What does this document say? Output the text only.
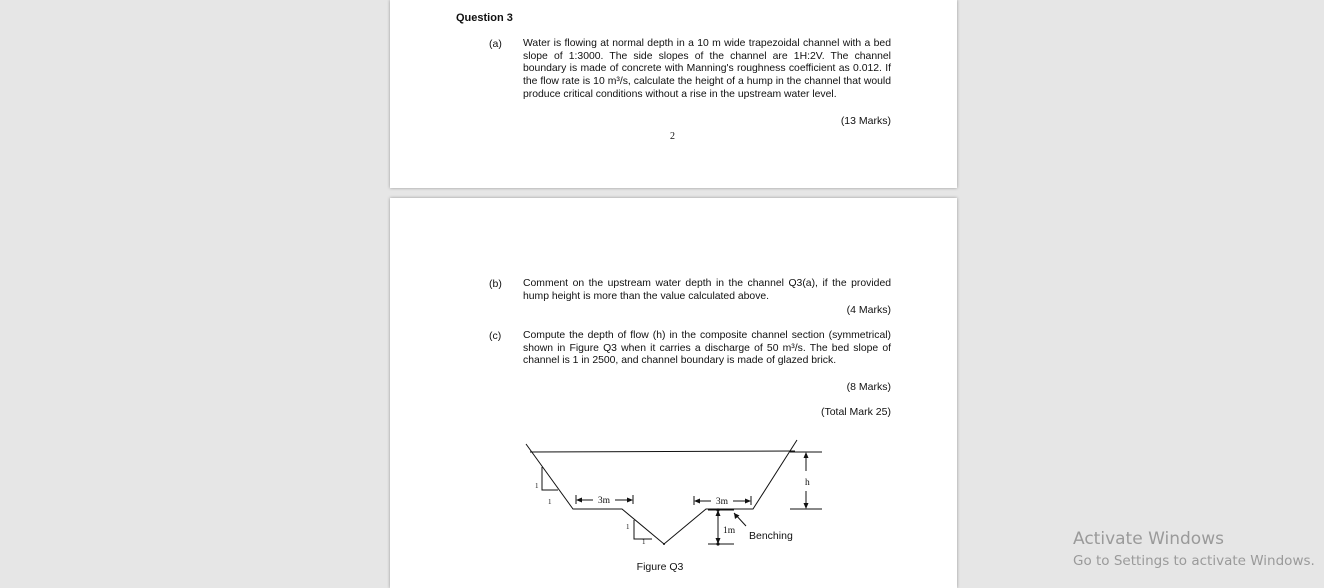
Question 3
(a) Water is flowing at normal depth in a 10 m wide trapezoidal channel with a bed slope of 1:3000. The side slopes of the channel are 1H:2V. The channel boundary is made of concrete with Manning's roughness coefficient as 0.012. If the flow rate is 10 m³/s, calculate the height of a hump in the channel that would produce critical conditions without a rise in the upstream water level.
(13 Marks)
2
(b) Comment on the upstream water depth in the channel Q3(a), if the provided hump height is more than the value calculated above.
(4 Marks)
(c) Compute the depth of flow (h) in the composite channel section (symmetrical) shown in Figure Q3 when it carries a discharge of 50 m³/s. The bed slope of channel is 1 in 2500, and channel boundary is made of glazed brick.
(8 Marks)
(Total Mark 25)
1
1
1
1
3m	3m
1m
h
Benching
Figure Q3
Activate Windows
Go to Settings to activate Windows.
